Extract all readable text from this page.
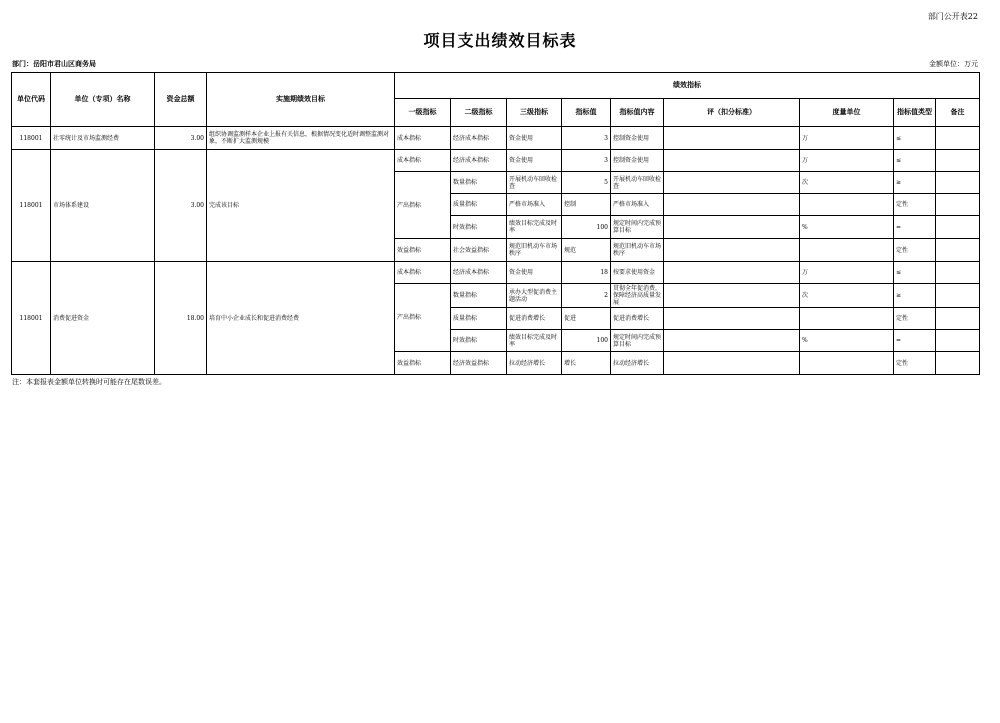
部门公开表22
项目支出绩效目标表
部门：岳阳市君山区商务局	金额单位：万元
单位代码	单位（专项）名称	资金总额	实施期绩效目标	绩效指标								
				一级指标	二级指标	三级指标	指标值	指标值内容	评（扣分标准）	度量单位	指标值类型	备注
118001	社零统计及市场监测经费	3.00	组织协调监测样本企业上报有关信息，根据情况变化适时调整监测对象，不断扩大监测规模	成本指标	经济成本指标	资金使用	3	控制资金使用		万	≤	
118001	市场体系建设	3.00	完成该目标	成本指标	经济成本指标	资金使用	3	控制资金使用		万	≤	
				产出指标	数量指标	开展机动车回收检查	5	开展机动车回收检查		次	≥	
					质量指标	严格市场准入	控制	严格市场准入			定性	
					时效指标	绩效目标完成及时率	100	规定时间内完成预算目标		%	=	
				效益指标	社会效益指标	规范旧机动车市场秩序	规范	规范旧机动车市场秩序			定性	
118001	消费促进资金	18.00	培育中小企业成长和促进消费经费	成本指标	经济成本指标	资金使用	18	按要求使用资金		万	≤	
				产出指标	数量指标	承办大型促消费主题活动	2	贯彻全年促消费，保障经济高质量发展		次	≥	
					质量指标	促进消费增长	促进	促进消费增长			定性	
					时效指标	绩效目标完成及时率	100	规定时间内完成预算目标		%	=	
				效益指标	经济效益指标	拉动经济增长	增长	拉动经济增长			定性	
注：本套报表金额单位转换时可能存在尾数误差。
